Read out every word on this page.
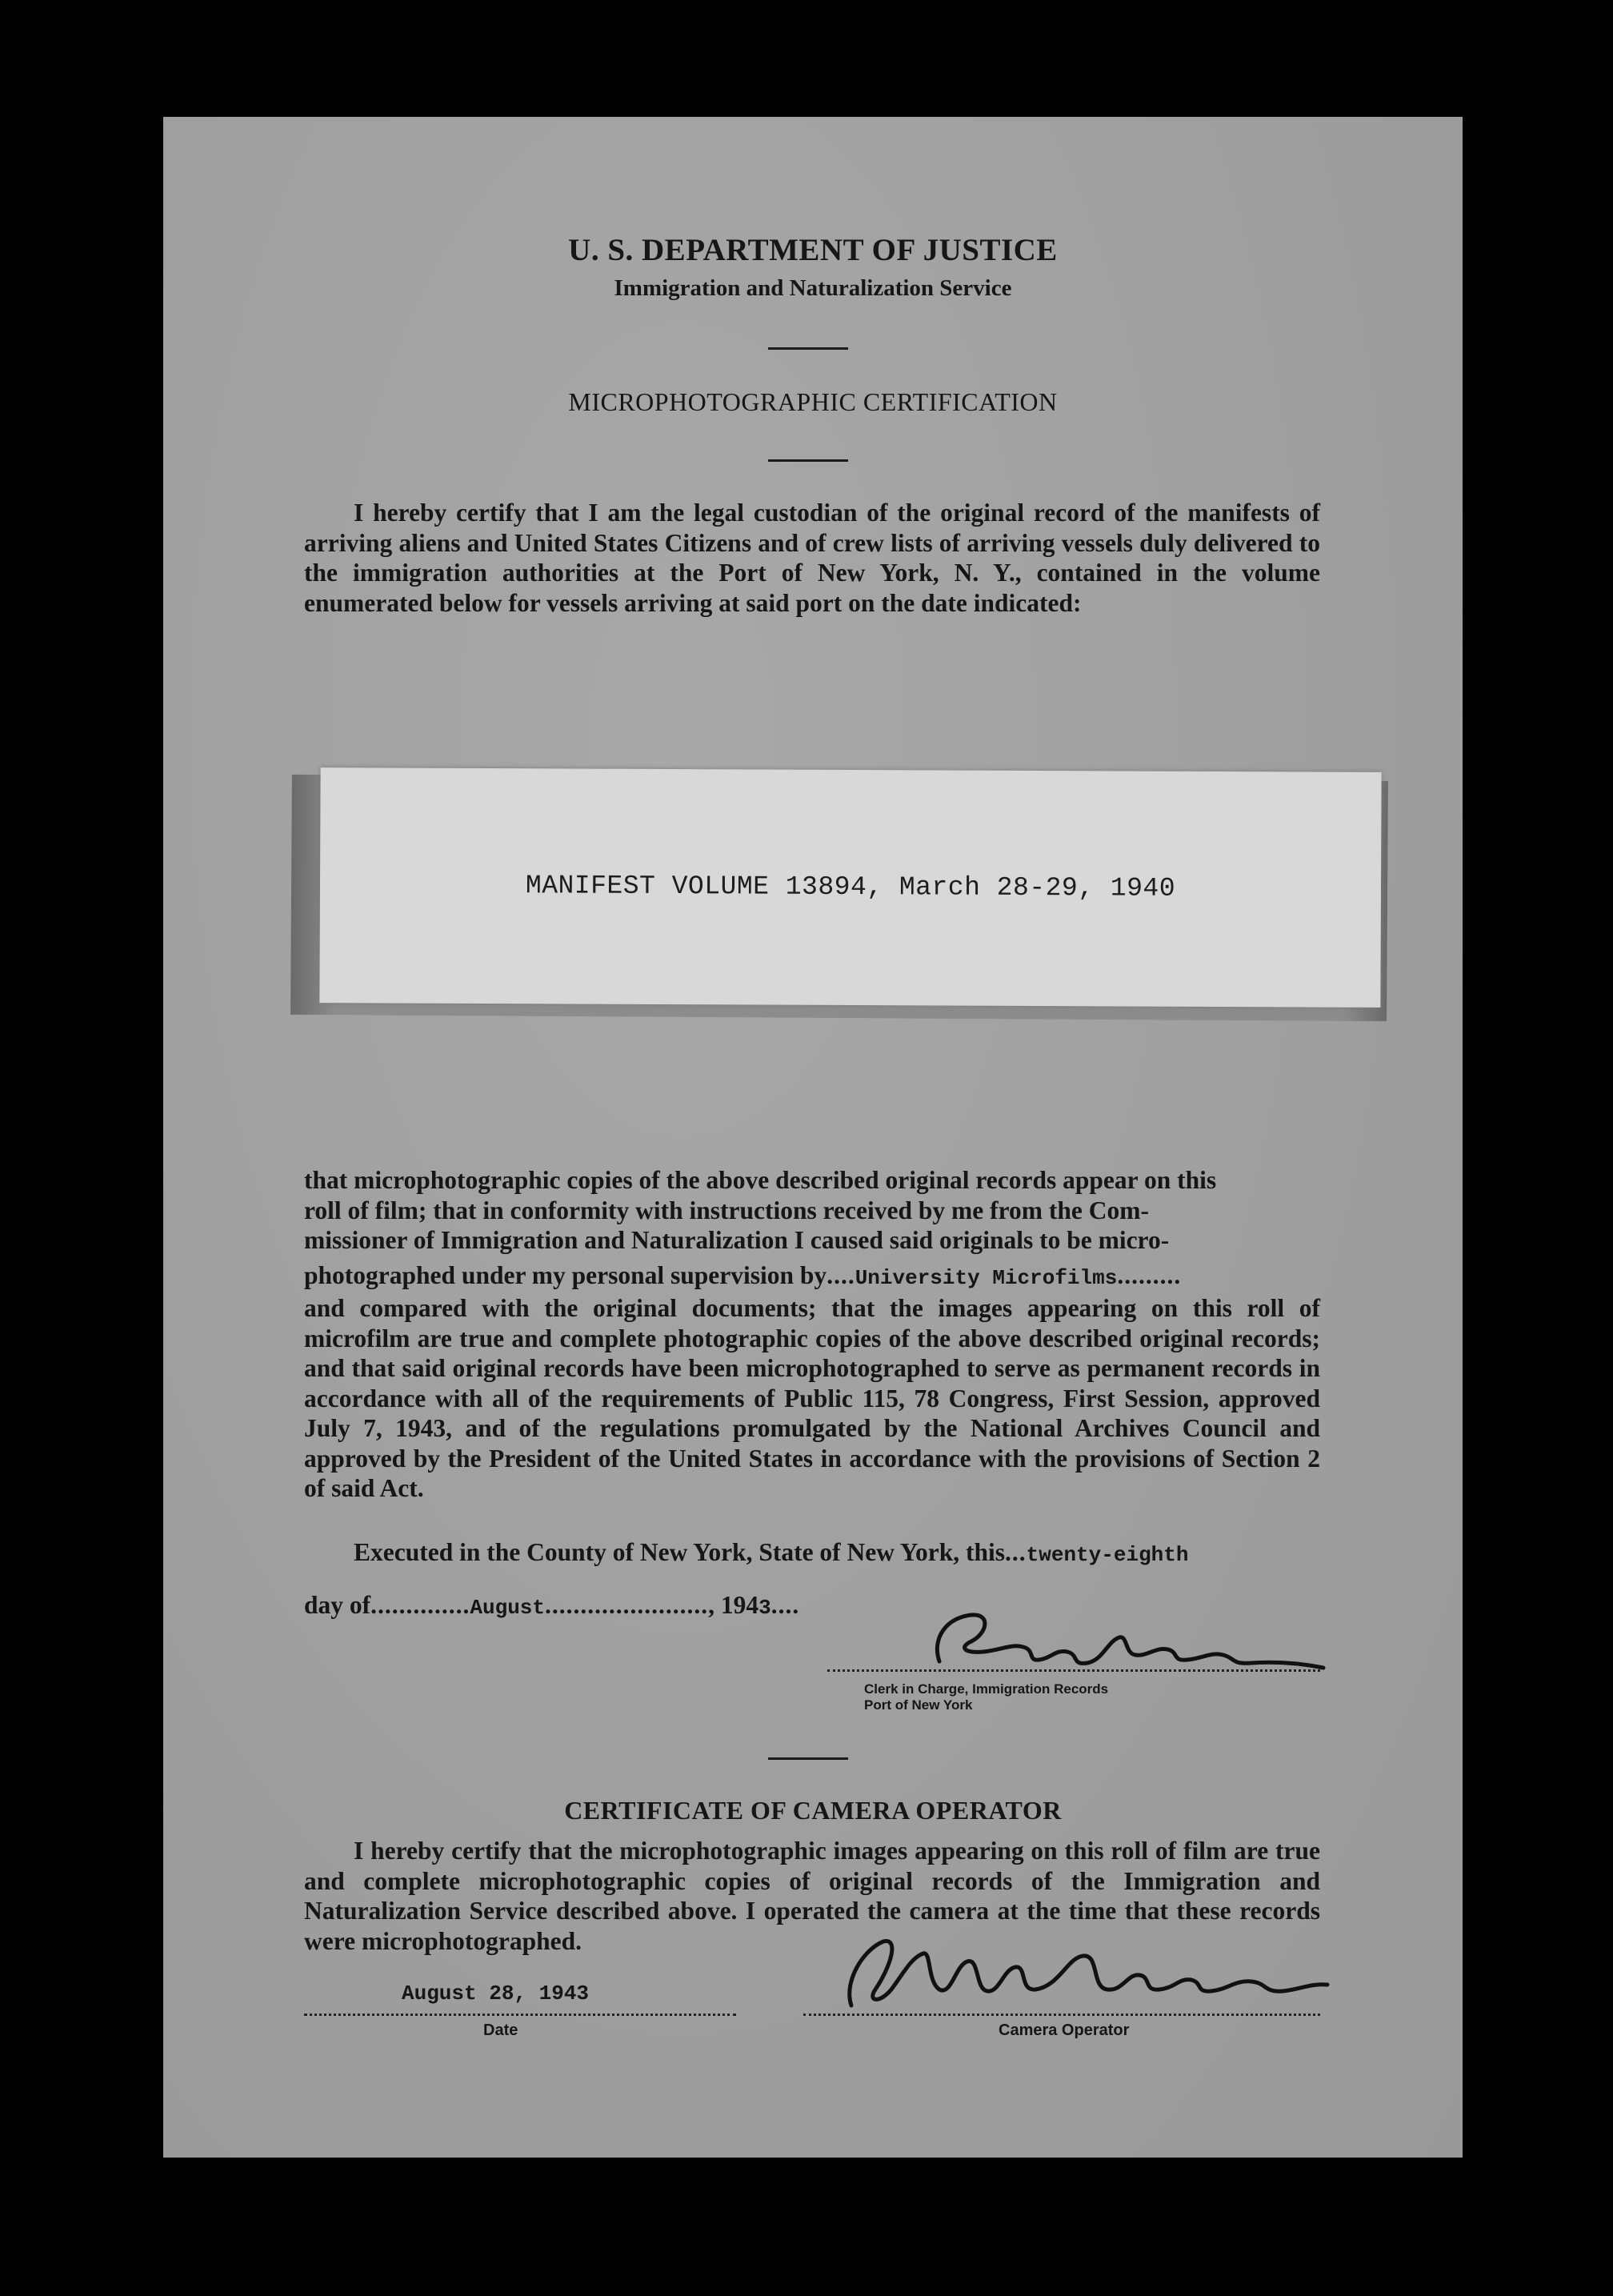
U. S. DEPARTMENT OF JUSTICE
Immigration and Naturalization Service
MICROPHOTOGRAPHIC CERTIFICATION
I hereby certify that I am the legal custodian of the original record of the manifests of arriving aliens and United States Citizens and of crew lists of arriving vessels duly delivered to the immigration authorities at the Port of New York, N. Y., contained in the volume enumerated below for vessels arriving at said port on the date indicated:
MANIFEST VOLUME 13894, March 28-29, 1940
that microphotographic copies of the above described original records appear on this
roll of film; that in conformity with instructions received by me from the Com-
missioner of Immigration and Naturalization I caused said originals to be micro-
photographed under my personal supervision by....University Microfilms.........
and compared with the original documents; that the images appearing on this roll of microfilm are true and complete photographic copies of the above described original records; and that said original records have been microphotographed to serve as permanent records in accordance with all of the requirements of Public 115, 78 Congress, First Session, approved July 7, 1943, and of the regulations promulgated by the National Archives Council and approved by the President of the United States in accordance with the provisions of Section 2 of said Act.
Executed in the County of New York, State of New York, this...twenty-eighth
day of..............August......................., 1943....
Clerk in Charge, Immigration Records
Port of New York
CERTIFICATE OF CAMERA OPERATOR
I hereby certify that the microphotographic images appearing on this roll of film are true and complete microphotographic copies of original records of the Immigration and Naturalization Service described above. I operated the camera at the time that these records were microphotographed.
August 28, 1943
Date	Camera Operator
